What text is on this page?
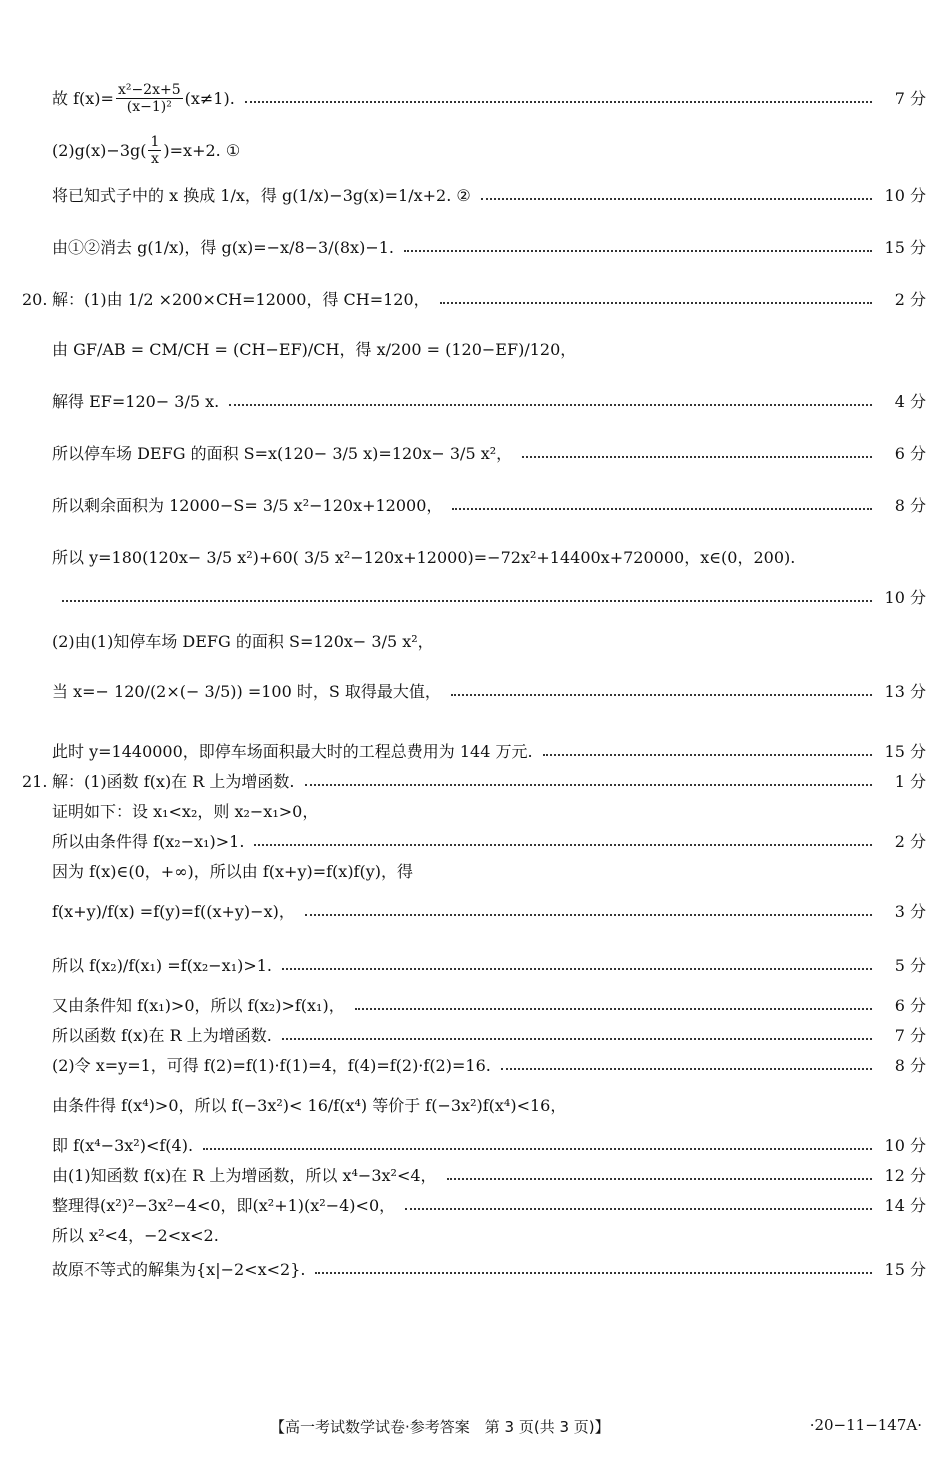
故 $f(x)= \frac{\text{x²−2x+5}}{\text{(x−1)²}} (x\ne 1)$.	7 分
$(2)g(x)-3g( \frac{1}{x} )=x+2$. ①
将已知式子中的 x 换成 1/x，得 g(1/x)−3g(x)=1/x+2. ②	10 分
由①②消去 g(1/x)，得 g(x)=−x/8−3/(8x)−1.	15 分
20. 解：(1)由 1/2 ×200×CH=12000，得 CH=120，	2 分
由 GF/AB = CM/CH = (CH−EF)/CH，得 x/200 = (120−EF)/120，
解得 EF=120− 3/5 x.	4 分
所以停车场 DEFG 的面积 S=x(120− 3/5 x)=120x− 3/5 x²，	6 分
所以剩余面积为 12000−S= 3/5 x²−120x+12000，	8 分
所以 y=180(120x− 3/5 x²)+60( 3/5 x²−120x+12000)=−72x²+14400x+720000，x∈(0，200).
10 分
(2)由(1)知停车场 DEFG 的面积 S=120x− 3/5 x²，
当 x=− 120/(2×(− 3/5)) =100 时，S 取得最大值，	13 分
此时 y=1440000，即停车场面积最大时的工程总费用为 144 万元.	15 分
21. 解：(1)函数 f(x)在 R 上为增函数.	1 分
证明如下：设 x₁<x₂，则 x₂−x₁>0，
所以由条件得 f(x₂−x₁)>1.	2 分
因为 f(x)∈(0，+∞)，所以由 f(x+y)=f(x)f(y)，得
f(x+y)/f(x) =f(y)=f((x+y)−x)，	3 分
所以 f(x₂)/f(x₁) =f(x₂−x₁)>1.	5 分
又由条件知 f(x₁)>0，所以 f(x₂)>f(x₁)，	6 分
所以函数 f(x)在 R 上为增函数.	7 分
(2)令 x=y=1，可得 f(2)=f(1)·f(1)=4，f(4)=f(2)·f(2)=16.	8 分
由条件得 f(x⁴)>0，所以 f(−3x²)< 16/f(x⁴) 等价于 f(−3x²)f(x⁴)<16，
即 f(x⁴−3x²)<f(4).	10 分
由(1)知函数 f(x)在 R 上为增函数，所以 x⁴−3x²<4，	12 分
整理得(x²)²−3x²−4<0，即(x²+1)(x²−4)<0，	14 分
所以 x²<4，−2<x<2.
故原不等式的解集为{x|−2<x<2}.	15 分
【高一考试数学试卷·参考答案　第 3 页(共 3 页)】	·20−11−147A·
